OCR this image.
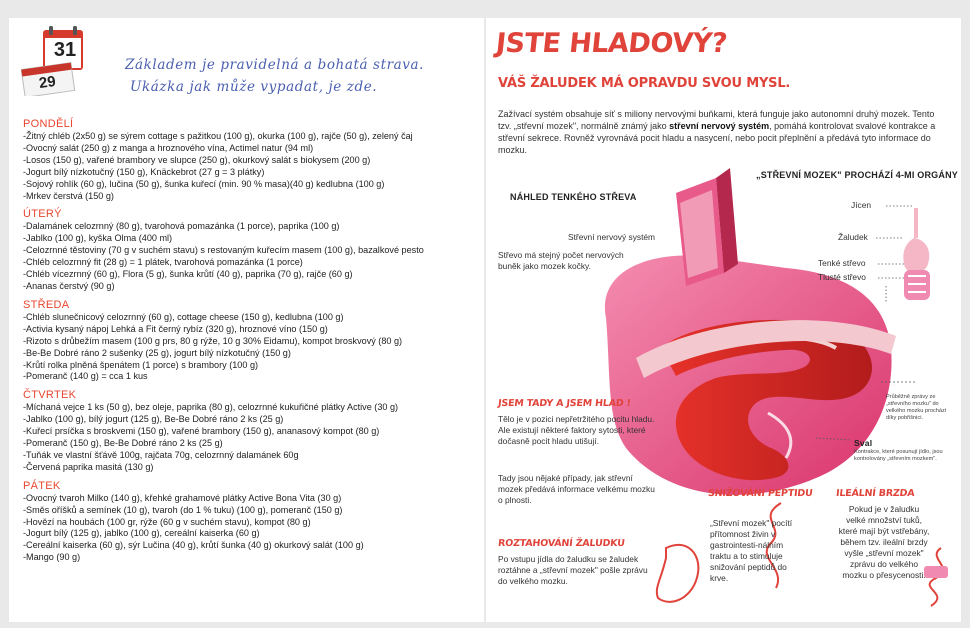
31
29
Základem je pravidelná a bohatá strava.
Ukázka jak může vypadat, je zde.
PONDĚLÍ
-Žitný chléb (2x50 g) se sýrem cottage s pažitkou (100 g), okurka (100 g), rajče (50 g), zelený čaj
-Ovocný salát (250 g) z manga a hroznového vína, Actimel natur (94 ml)
-Losos (150 g), vařené brambory ve slupce (250 g), okurkový salát s biokysem (200 g)
-Jogurt bílý nízkotučný (150 g), Knäckebrot (27 g = 3 plátky)
-Sojový rohlík (60 g), lučina (50 g), šunka kuřecí (min. 90 % masa)(40 g) kedlubna (100 g)
-Mrkev čerstvá (150 g)
ÚTERÝ
-Dalamánek celozrnný (80 g), tvarohová pomazánka (1 porce), paprika (100 g)
-Jablko (100 g), kyška Olma (400 ml)
-Celozrnné těstoviny (70 g v suchém stavu) s restovaným kuřecím masem (100 g), bazalkové pesto
-Chléb celozrnný fit (28 g) = 1 plátek, tvarohová pomazánka (1 porce)
-Chléb vícezrnný (60 g), Flora (5 g), šunka krůtí (40 g), paprika (70 g), rajče (60 g)
-Ananas čerstvý (90 g)
STŘEDA
-Chléb slunečnicový celozrnný (60 g), cottage cheese (150 g), kedlubna (100 g)
-Activia kysaný nápoj Lehká a Fit černý rybíz (320 g), hroznové víno (150 g)
-Rizoto s drůbežím masem (100 g prs, 80 g rýže, 10 g 30% Eidamu), kompot broskvový (80 g)
-Be-Be Dobré ráno 2 sušenky (25 g), jogurt bílý nízkotučný (150 g)
-Krůtí rolka plněná špenátem (1 porce) s brambory (100 g)
-Pomeranč (140 g) = cca 1 kus
ČTVRTEK
-Míchaná vejce 1 ks (50 g), bez oleje, paprika (80 g), celozrnné kukuřičné plátky Active (30 g)
-Jablko (100 g), bílý jogurt (125 g), Be-Be Dobré ráno 2 ks (25 g)
-Kuřecí prsíčka s broskvemi (150 g), vařené brambory (150 g), ananasový kompot (80 g)
-Pomeranč (150 g), Be-Be Dobré ráno 2 ks (25 g)
-Tuňák ve vlastní šťávě 100g, rajčata 70g, celozrnný dalamánek 60g
-Červená paprika masitá (130 g)
PÁTEK
-Ovocný tvaroh Milko (140 g), křehké grahamové plátky Active Bona Vita (30 g)
-Směs oříšků a semínek (10 g), tvaroh (do 1 % tuku) (100 g), pomeranč (150 g)
-Hovězí na houbách (100 gr, rýže (60 g v suchém stavu), kompot (80 g)
-Jogurt bílý (125 g), jablko (100 g), cereální kaiserka (60 g)
-Cereální kaiserka (60 g), sýr Lučina (40 g), krůtí šunka (40 g) okurkový salát (100 g)
-Mango (90 g)
JSTE HLADOVÝ?
VÁŠ ŽALUDEK MÁ OPRAVDU SVOU MYSL.
Zažívací systém obsahuje síť s miliony nervovými buňkami, která funguje jako autonomní druhý mozek. Tento tzv. „střevní mozek", normálně známý jako střevní nervový systém, pomáhá kontrolovat svalové kontrakce a střevní sekrece. Rovněž vyrovnává pocit hladu a nasycení, nebo pocit přeplnění a předává tyto informace do mozku.
„STŘEVNÍ MOZEK" PROCHÁZÍ 4-MI ORGÁNY
NÁHLED TENKÉHO STŘEVA
Střevní nervový systém
Střevo má stejný počet nervových buněk jako mozek kočky.
Jícen
Žaludek
Tenké střevo
Tlusté střevo
Průběžně zprávy ze „střevního mozku" do velkého mozku prochází díky pobřišnici.
Sval
Kontrakce, které posunují jídlo, jsou kontrolovány „střevním mozkem".
JSEM TADY A JSEM HLAD !
Tělo je v pozici nepřetržitého pocitu hladu. Ale existují některé faktory sytosti, které dočasně pocit hladu utišují.
Tady jsou nějaké případy, jak střevní mozek předává informace velkému mozku o plnosti.
ROZTAHOVÁNÍ ŽALUDKU
Po vstupu jídla do žaludku se žaludek roztáhne a „střevní mozek" pošle zprávu do velkého mozku.
SNIŽOVÁNÍ PEPTIDU
„Střevní mozek" pocítí přítomnost živin v gastrointesti-nálním traktu a to stimuluje snižování peptidů do krve.
ILEÁLNÍ BRZDA
Pokud je v žaludku velké množství tuků, které mají být vstřebány, během tzv. ileální brzdy vyšle „střevní mozek" zprávu do velkého mozku o přesycenosti.
